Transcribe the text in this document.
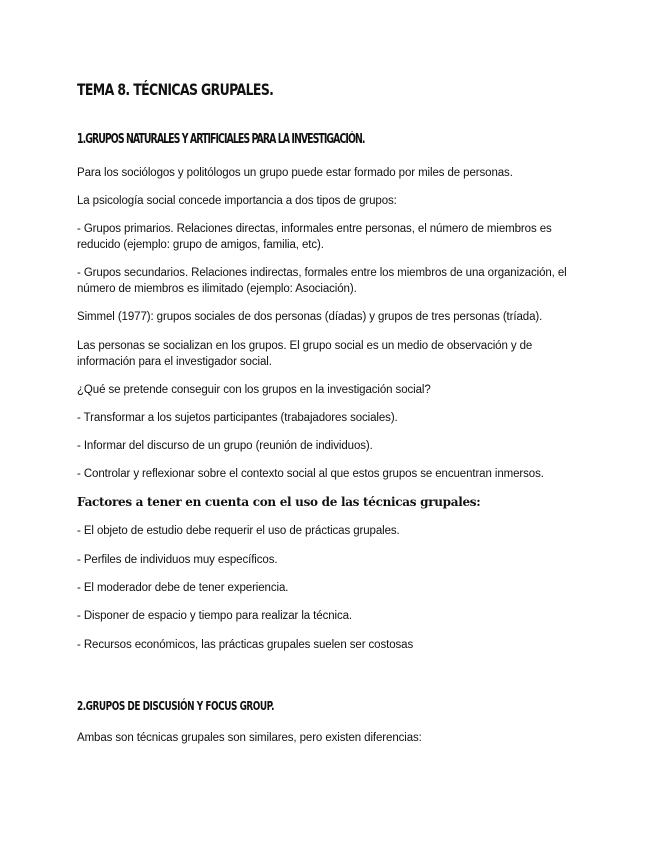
TEMA 8. TÉCNICAS GRUPALES.
1.GRUPOS NATURALES Y ARTIFICIALES PARA LA INVESTIGACIÓN.
Para los sociólogos y politólogos un grupo puede estar formado por miles de personas.
La psicología social concede importancia a dos tipos de grupos:
- Grupos primarios. Relaciones directas, informales entre personas, el número de miembros es reducido (ejemplo: grupo de amigos, familia, etc).
- Grupos secundarios. Relaciones indirectas, formales entre los miembros de una organización, el número de miembros es ilimitado (ejemplo: Asociación).
Simmel (1977): grupos sociales de dos personas (díadas) y grupos de tres personas (tríada).
Las personas se socializan en los grupos. El grupo social es un medio de observación y de información para el investigador social.
¿Qué se pretende conseguir con los grupos en la investigación social?
- Transformar a los sujetos participantes (trabajadores sociales).
- Informar del discurso de un grupo (reunión de individuos).
- Controlar y reflexionar sobre el contexto social al que estos grupos se encuentran inmersos.
Factores a tener en cuenta con el uso de las técnicas grupales:
- El objeto de estudio debe requerir el uso de prácticas grupales.
- Perfiles de individuos muy específicos.
- El moderador debe de tener experiencia.
- Disponer de espacio y tiempo para realizar la técnica.
- Recursos económicos, las prácticas grupales suelen ser costosas
2.GRUPOS DE DISCUSIÓN Y FOCUS GROUP.
Ambas son técnicas grupales son similares, pero existen diferencias:
